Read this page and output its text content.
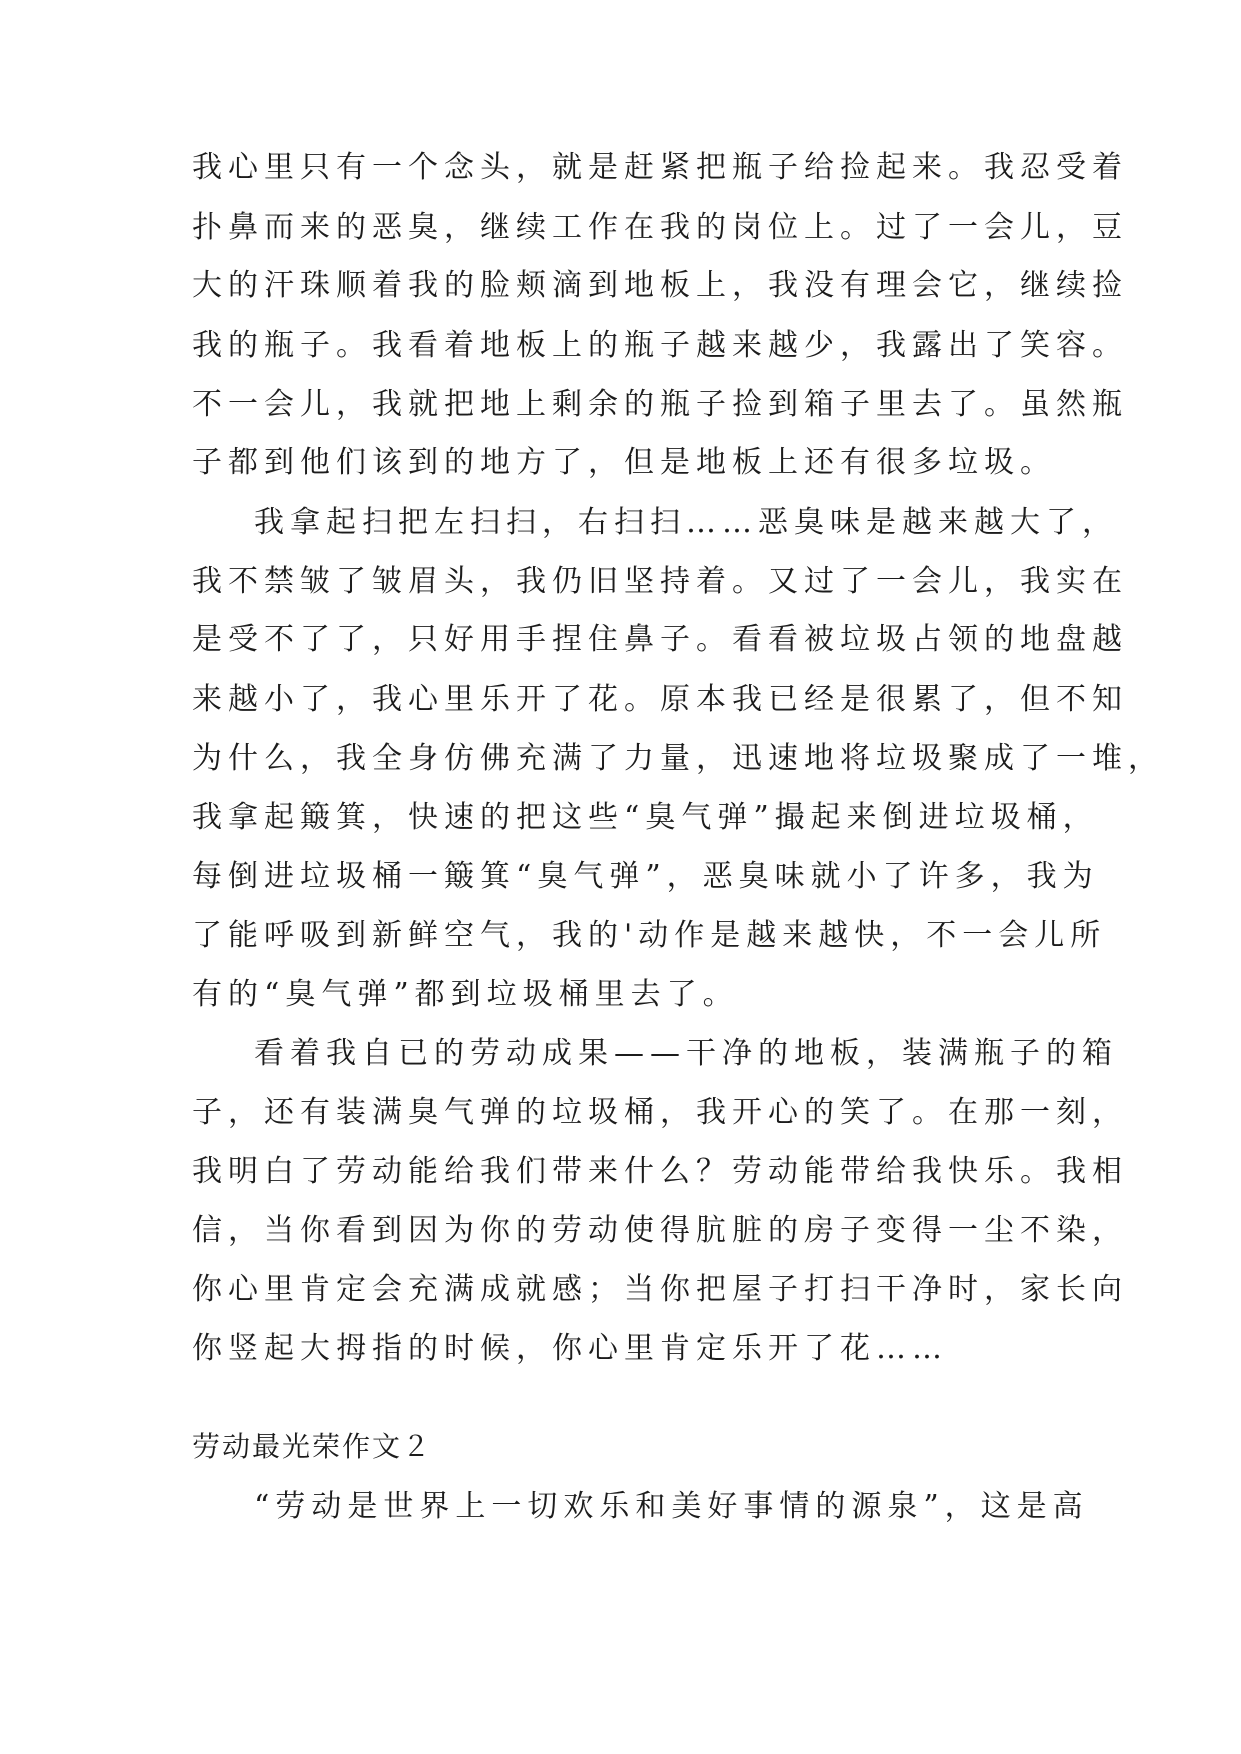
我心里只有一个念头，就是赶紧把瓶子给捡起来。我忍受着
扑鼻而来的恶臭，继续工作在我的岗位上。过了一会儿，豆
大的汗珠顺着我的脸颊滴到地板上，我没有理会它，继续捡
我的瓶子。我看着地板上的瓶子越来越少，我露出了笑容。
不一会儿，我就把地上剩余的瓶子捡到箱子里去了。虽然瓶
子都到他们该到的地方了，但是地板上还有很多垃圾。
我拿起扫把左扫扫，右扫扫……恶臭味是越来越大了，
我不禁皱了皱眉头，我仍旧坚持着。又过了一会儿，我实在
是受不了了，只好用手捏住鼻子。看看被垃圾占领的地盘越
来越小了，我心里乐开了花。原本我已经是很累了，但不知
为什么，我全身仿佛充满了力量，迅速地将垃圾聚成了一堆，
我拿起簸箕，快速的把这些“臭气弹”撮起来倒进垃圾桶，
每倒进垃圾桶一簸箕“臭气弹”，恶臭味就小了许多，我为
了能呼吸到新鲜空气，我的'动作是越来越快，不一会儿所
有的“臭气弹”都到垃圾桶里去了。
看着我自已的劳动成果——干净的地板，装满瓶子的箱
子，还有装满臭气弹的垃圾桶，我开心的笑了。在那一刻，
我明白了劳动能给我们带来什么？劳动能带给我快乐。我相
信，当你看到因为你的劳动使得肮脏的房子变得一尘不染，
你心里肯定会充满成就感；当你把屋子打扫干净时，家长向
你竖起大拇指的时候，你心里肯定乐开了花……
劳动最光荣作文２
“劳动是世界上一切欢乐和美好事情的源泉”，这是高
